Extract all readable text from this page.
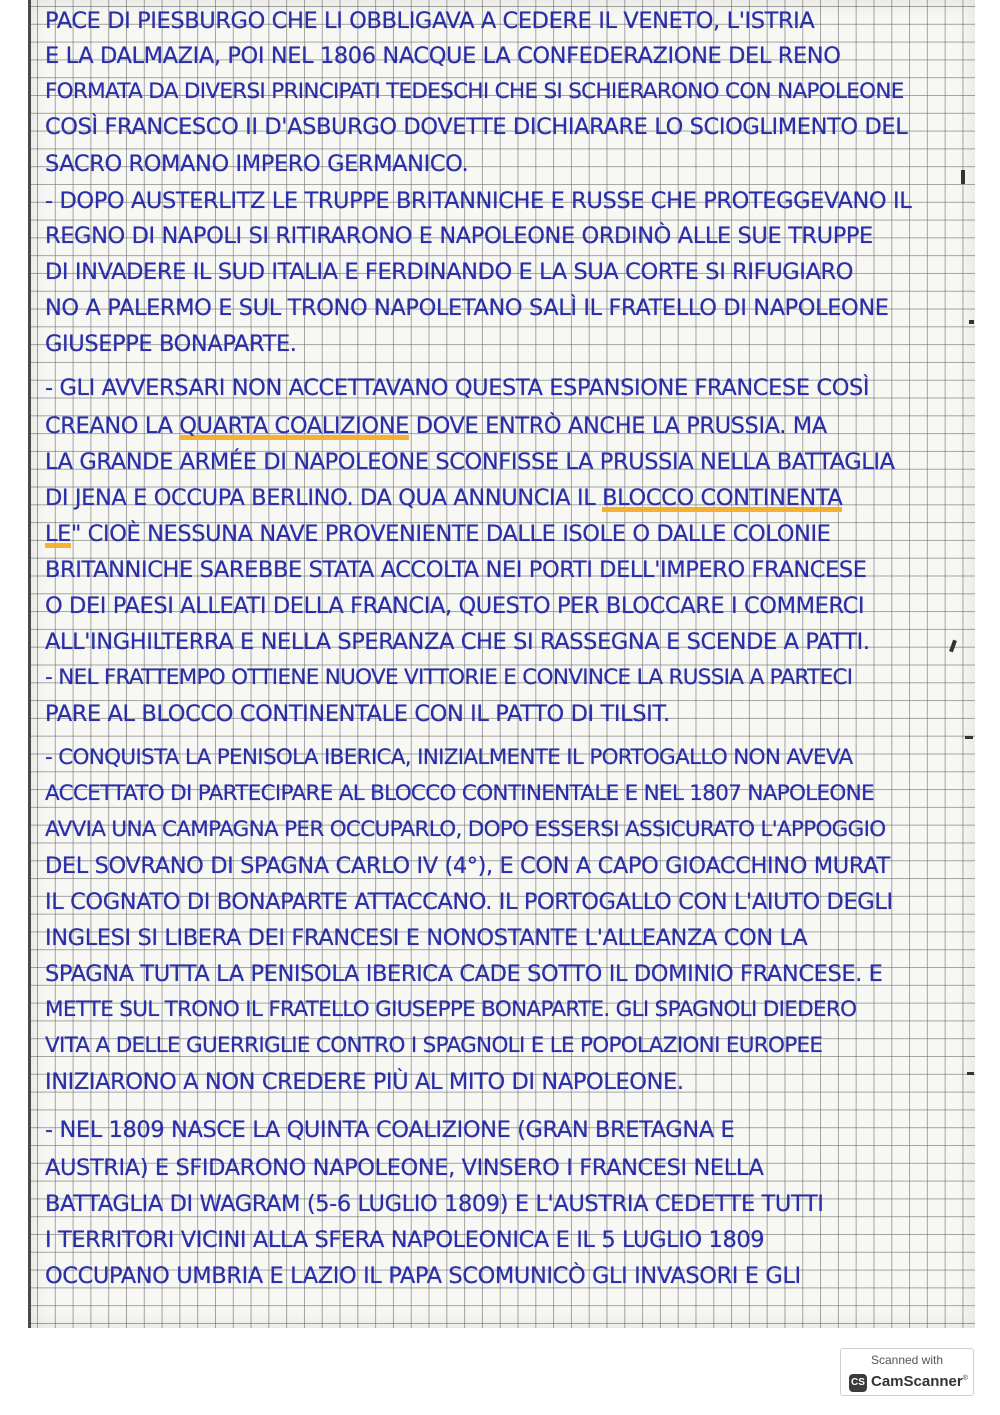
PACE DI PIESBURGO CHE LI OBBLIGAVA A CEDERE IL VENETO, L'ISTRIA
E LA DALMAZIA, POI NEL 1806 NACQUE LA CONFEDERAZIONE DEL RENO
FORMATA DA DIVERSI PRINCIPATI TEDESCHI CHE SI SCHIERARONO CON NAPOLEONE
COSÌ FRANCESCO II D'ASBURGO DOVETTE DICHIARARE LO SCIOGLIMENTO DEL
SACRO ROMANO IMPERO GERMANICO.
- DOPO AUSTERLITZ LE TRUPPE BRITANNICHE E RUSSE CHE PROTEGGEVANO IL
REGNO DI NAPOLI SI RITIRARONO E NAPOLEONE ORDINÒ ALLE SUE TRUPPE
DI INVADERE IL SUD ITALIA E FERDINANDO E LA SUA CORTE SI RIFUGIARO
NO A PALERMO E SUL TRONO NAPOLETANO SALÌ IL FRATELLO DI NAPOLEONE
GIUSEPPE BONAPARTE.
- GLI AVVERSARI NON ACCETTAVANO QUESTA ESPANSIONE FRANCESE COSÌ
CREANO LA QUARTA COALIZIONE DOVE ENTRÒ ANCHE LA PRUSSIA. MA
LA GRANDE ARMÉE DI NAPOLEONE SCONFISSE LA PRUSSIA NELLA BATTAGLIA
DI JENA E OCCUPA BERLINO. DA QUA ANNUNCIA IL BLOCCO CONTINENTA
LE" CIOÈ NESSUNA NAVE PROVENIENTE DALLE ISOLE O DALLE COLONIE
BRITANNICHE SAREBBE STATA ACCOLTA NEI PORTI DELL'IMPERO FRANCESE
O DEI PAESI ALLEATI DELLA FRANCIA, QUESTO PER BLOCCARE I COMMERCI
ALL'INGHILTERRA E NELLA SPERANZA CHE SI RASSEGNA E SCENDE A PATTI.
- NEL FRATTEMPO OTTIENE NUOVE VITTORIE E CONVINCE LA RUSSIA A PARTECI
PARE AL BLOCCO CONTINENTALE CON IL PATTO DI TILSIT.
- CONQUISTA LA PENISOLA IBERICA, INIZIALMENTE IL PORTOGALLO NON AVEVA
ACCETTATO DI PARTECIPARE AL BLOCCO CONTINENTALE E NEL 1807 NAPOLEONE
AVVIA UNA CAMPAGNA PER OCCUPARLO, DOPO ESSERSI ASSICURATO L'APPOGGIO
DEL SOVRANO DI SPAGNA CARLO IV (4°), E CON A CAPO GIOACCHINO MURAT
IL COGNATO DI BONAPARTE ATTACCANO. IL PORTOGALLO CON L'AIUTO DEGLI
INGLESI SI LIBERA DEI FRANCESI E NONOSTANTE L'ALLEANZA CON LA
SPAGNA TUTTA LA PENISOLA IBERICA CADE SOTTO IL DOMINIO FRANCESE. E
METTE SUL TRONO IL FRATELLO GIUSEPPE BONAPARTE. GLI SPAGNOLI DIEDERO
VITA A DELLE GUERRIGLIE CONTRO I SPAGNOLI E LE POPOLAZIONI EUROPEE
INIZIARONO A NON CREDERE PIÙ AL MITO DI NAPOLEONE.
- NEL 1809 NASCE LA QUINTA COALIZIONE (GRAN BRETAGNA E
AUSTRIA) E SFIDARONO NAPOLEONE, VINSERO I FRANCESI NELLA
BATTAGLIA DI WAGRAM (5-6 LUGLIO 1809) E L'AUSTRIA CEDETTE TUTTI
I TERRITORI VICINI ALLA SFERA NAPOLEONICA E IL 5 LUGLIO 1809
OCCUPANO UMBRIA E LAZIO IL PAPA SCOMUNICÒ GLI INVASORI E GLI
Scanned with
CS CamScanner®
